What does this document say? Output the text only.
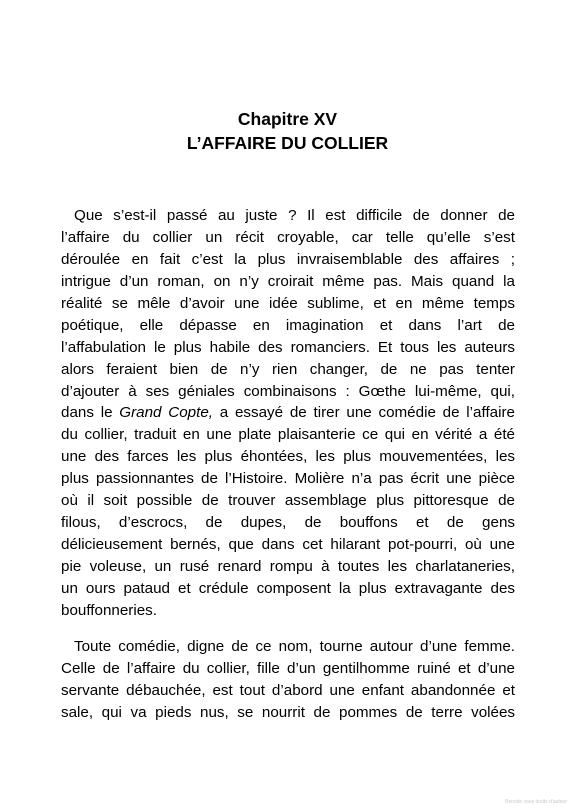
Chapitre XV
L’AFFAIRE DU COLLIER
Que s’est-il passé au juste ? Il est difficile de donner de
l’affaire du collier un récit croyable, car telle qu’elle s’est
déroulée en fait c’est la plus invraisemblable des affaires ;
intrigue d’un roman, on n’y croirait même pas. Mais quand la
réalité se mêle d’avoir une idée sublime, et en même temps
poétique, elle dépasse en imagination et dans l’art de
l’affabulation le plus habile des romanciers. Et tous les auteurs
alors feraient bien de n’y rien changer, de ne pas tenter
d’ajouter à ses géniales combinaisons : Gœthe lui-même, qui,
dans le Grand Copte, a essayé de tirer une comédie de l’affaire
du collier, traduit en une plate plaisanterie ce qui en vérité a été
une des farces les plus éhontées, les plus mouvementées, les
plus passionnantes de l’Histoire. Molière n’a pas écrit une pièce
où il soit possible de trouver assemblage plus pittoresque de
filous, d’escrocs, de dupes, de bouffons et de gens
délicieusement bernés, que dans cet hilarant pot-pourri, où une
pie voleuse, un rusé renard rompu à toutes les charlataneries,
un ours pataud et crédule composent la plus extravagante des
bouffonneries.
Toute comédie, digne de ce nom, tourne autour d’une femme.
Celle de l’affaire du collier, fille d’un gentilhomme ruiné et d’une
servante débauchée, est tout d’abord une enfant abandonnée et
sale, qui va pieds nus, se nourrit de pommes de terre volées
Benoite vous droits d'auteur
